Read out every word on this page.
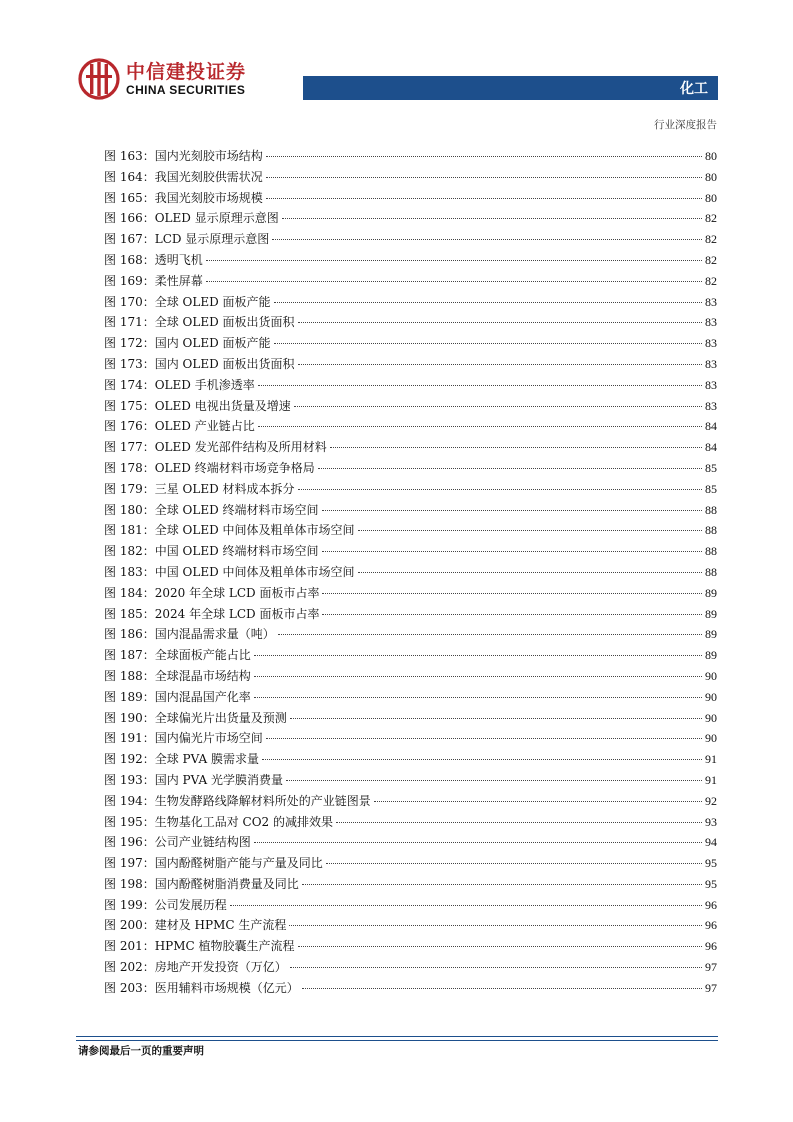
中信建投证券
CHINA SECURITIES	化工
行业深度报告
图 163：国内光刻胶市场结构	80
图 164：我国光刻胶供需状况	80
图 165：我国光刻胶市场规模	80
图 166：OLED 显示原理示意图	82
图 167：LCD 显示原理示意图	82
图 168：透明飞机	82
图 169：柔性屏幕	82
图 170：全球 OLED 面板产能	83
图 171：全球 OLED 面板出货面积	83
图 172：国内 OLED 面板产能	83
图 173：国内 OLED 面板出货面积	83
图 174：OLED 手机渗透率	83
图 175：OLED 电视出货量及增速	83
图 176：OLED 产业链占比	84
图 177：OLED 发光部件结构及所用材料	84
图 178：OLED 终端材料市场竞争格局	85
图 179：三星 OLED 材料成本拆分	85
图 180：全球 OLED 终端材料市场空间	88
图 181：全球 OLED 中间体及粗单体市场空间	88
图 182：中国 OLED 终端材料市场空间	88
图 183：中国 OLED 中间体及粗单体市场空间	88
图 184：2020 年全球 LCD 面板市占率	89
图 185：2024 年全球 LCD 面板市占率	89
图 186：国内混晶需求量（吨）	89
图 187：全球面板产能占比	89
图 188：全球混晶市场结构	90
图 189：国内混晶国产化率	90
图 190：全球偏光片出货量及预测	90
图 191：国内偏光片市场空间	90
图 192：全球 PVA 膜需求量	91
图 193：国内 PVA 光学膜消费量	91
图 194：生物发酵路线降解材料所处的产业链图景	92
图 195：生物基化工品对 CO2 的减排效果	93
图 196：公司产业链结构图	94
图 197：国内酚醛树脂产能与产量及同比	95
图 198：国内酚醛树脂消费量及同比	95
图 199：公司发展历程	96
图 200：建材及 HPMC 生产流程	96
图 201：HPMC 植物胶囊生产流程	96
图 202：房地产开发投资（万亿）	97
图 203：医用辅料市场规模（亿元）	97
请参阅最后一页的重要声明
